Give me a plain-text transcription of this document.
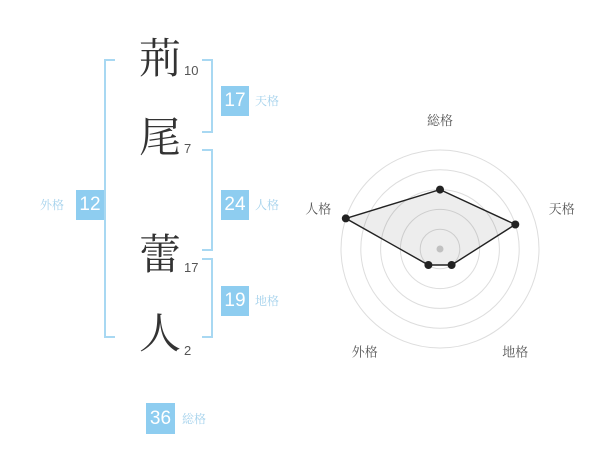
荊
尾
蕾
人
10
7
17
2
17 天格
24 人格
19 地格
外格 12
36 総格
総格
天格
地格
外格
人格
